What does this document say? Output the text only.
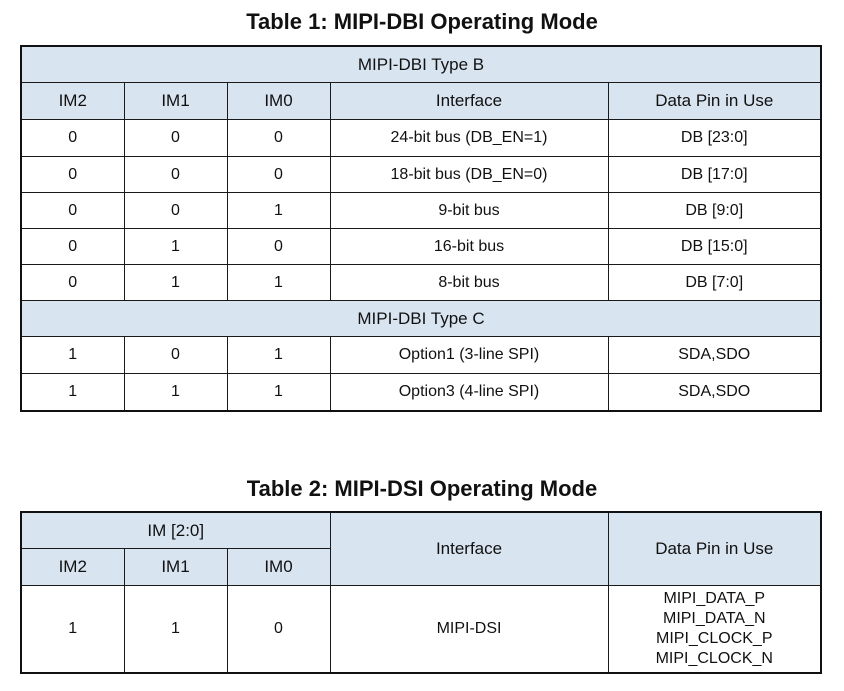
Table 1: MIPI-DBI Operating Mode
MIPI-DBI Type B				
IM2	IM1	IM0	Interface	Data Pin in Use
0	0	0	24-bit bus (DB_EN=1)	DB [23:0]
0	0	0	18-bit bus (DB_EN=0)	DB [17:0]
0	0	1	9-bit bus	DB [9:0]
0	1	0	16-bit bus	DB [15:0]
0	1	1	8-bit bus	DB [7:0]
MIPI-DBI Type C				
1	0	1	Option1 (3-line SPI)	SDA,SDO
1	1	1	Option3 (4-line SPI)	SDA,SDO
Table 2: MIPI-DSI Operating Mode
IM [2:0]			Interface	Data Pin in Use
IM2	IM1	IM0		
1	1	0	MIPI-DSI	MIPI_DATA_P
MIPI_DATA_N
MIPI_CLOCK_P
MIPI_CLOCK_N
